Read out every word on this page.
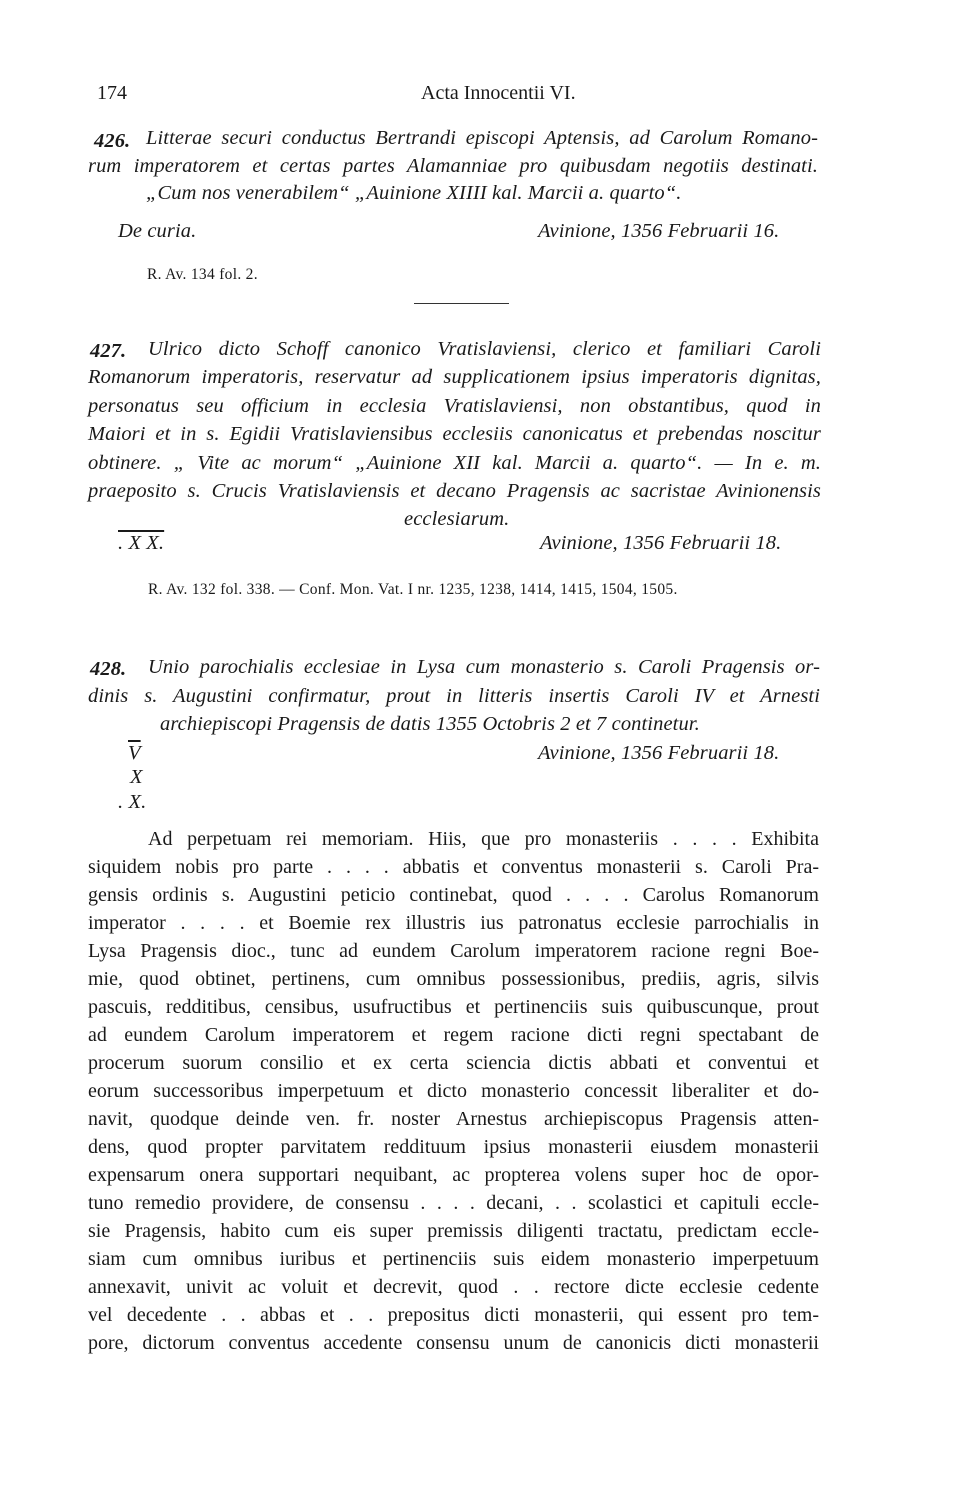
174	Acta Innocentii VI.
426. Litterae securi conductus Bertrandi episcopi Aptensis, ad Carolum Romano-
rum imperatorem et certas partes Alamanniae pro quibusdam negotiis destinati.
„Cum nos venerabilem“ „Auinione XIIII kal. Marcii a. quarto“.
De curia.	Avinione, 1356 Februarii 16.
R. Av. 134 fol. 2.
427.	Ulrico dicto Schoff canonico Vratislaviensi, clerico et familiari Caroli
Romanorum imperatoris, reservatur ad supplicationem ipsius imperatoris dignitas,
personatus seu officium in ecclesia Vratislaviensi, non obstantibus, quod in
Maiori et in s. Egidii Vratislaviensibus ecclesiis canonicatus et prebendas noscitur
obtinere. „ Vite ac morum“ „Auinione XII kal. Marcii a. quarto“. — In e. m.
praeposito s. Crucis Vratislaviensis et decano Pragensis ac sacristae Avinionensis
ecclesiarum.
. X X.	Avinione, 1356 Februarii 18.
R. Av. 132 fol. 338. — Conf. Mon. Vat. I nr. 1235, 1238, 1414, 1415, 1504, 1505.
428.	Unio parochialis ecclesiae in Lysa cum monasterio s. Caroli Pragensis or-
dinis s. Augustini confirmatur, prout in litteris insertis Caroli IV et Arnesti
archiepiscopi Pragensis de datis 1355 Octobris 2 et 7 continetur.
$\overline{V}$
X
. X.
Avinione, 1356 Februarii 18.
Ad perpetuam rei memoriam. Hiis, que pro monasteriis . . . . Exhibita
siquidem nobis pro parte . . . . abbatis et conventus monasterii s. Caroli Pra-
gensis ordinis s. Augustini peticio continebat, quod . . . . Carolus Romanorum
imperator . . . . et Boemie rex illustris ius patronatus ecclesie parrochialis in
Lysa Pragensis dioc., tunc ad eundem Carolum imperatorem racione regni Boe-
mie, quod obtinet, pertinens, cum omnibus possessionibus, prediis, agris, silvis
pascuis, redditibus, censibus, usufructibus et pertinenciis suis quibuscunque, prout
ad eundem Carolum imperatorem et regem racione dicti regni spectabant de
procerum suorum consilio et ex certa sciencia dictis abbati et conventui et
eorum successoribus imperpetuum et dicto monasterio concessit liberaliter et do-
navit, quodque deinde ven. fr. noster Arnestus archiepiscopus Pragensis atten-
dens, quod propter parvitatem reddituum ipsius monasterii eiusdem monasterii
expensarum onera supportari nequibant, ac propterea volens super hoc de opor-
tuno remedio providere, de consensu . . . . decani, . . scolastici et capituli eccle-
sie Pragensis, habito cum eis super premissis diligenti tractatu, predictam eccle-
siam cum omnibus iuribus et pertinenciis suis eidem monasterio imperpetuum
annexavit, univit ac voluit et decrevit, quod . . rectore dicte ecclesie cedente
vel decedente . . abbas et . . prepositus dicti monasterii, qui essent pro tem-
pore, dictorum conventus accedente consensu unum de canonicis dicti monasterii
